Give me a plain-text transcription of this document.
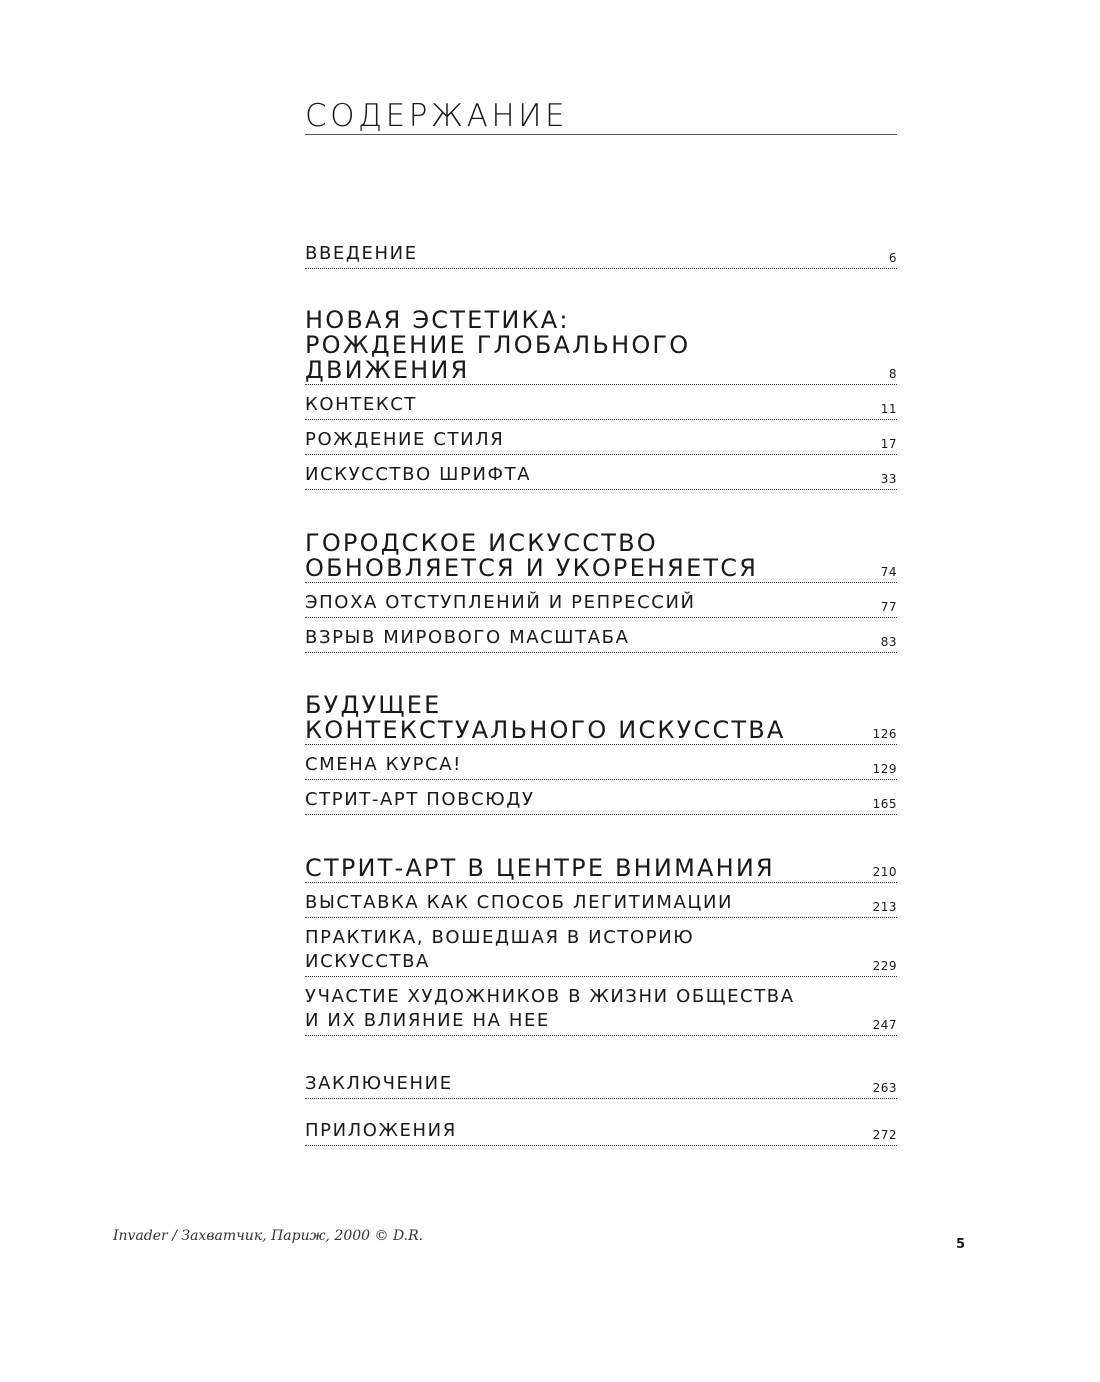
СОДЕРЖАНИЕ
ВВЕДЕНИЕ	6
НОВАЯ ЭСТЕТИКА:
РОЖДЕНИЕ ГЛОБАЛЬНОГО
ДВИЖЕНИЯ	8
КОНТЕКСТ	11
РОЖДЕНИЕ СТИЛЯ	17
ИСКУССТВО ШРИФТА	33
ГОРОДСКОЕ ИСКУССТВО
ОБНОВЛЯЕТСЯ И УКОРЕНЯЕТСЯ	74
ЭПОХА ОТСТУПЛЕНИЙ И РЕПРЕССИЙ	77
ВЗРЫВ МИРОВОГО МАСШТАБА	83
БУДУЩЕЕ
КОНТЕКСТУАЛЬНОГО ИСКУССТВА	126
СМЕНА КУРСА!	129
СТРИТ-АРТ ПОВСЮДУ	165
СТРИТ-АРТ В ЦЕНТРЕ ВНИМАНИЯ	210
ВЫСТАВКА КАК СПОСОБ ЛЕГИТИМАЦИИ	213
ПРАКТИКА, ВОШЕДШАЯ В ИСТОРИЮ
ИСКУССТВА	229
УЧАСТИЕ ХУДОЖНИКОВ В ЖИЗНИ ОБЩЕСТВА
И ИХ ВЛИЯНИЕ НА НЕЕ	247
ЗАКЛЮЧЕНИЕ	263
ПРИЛОЖЕНИЯ	272
Invader / Захватчик, Париж, 2000 © D.R.
5
